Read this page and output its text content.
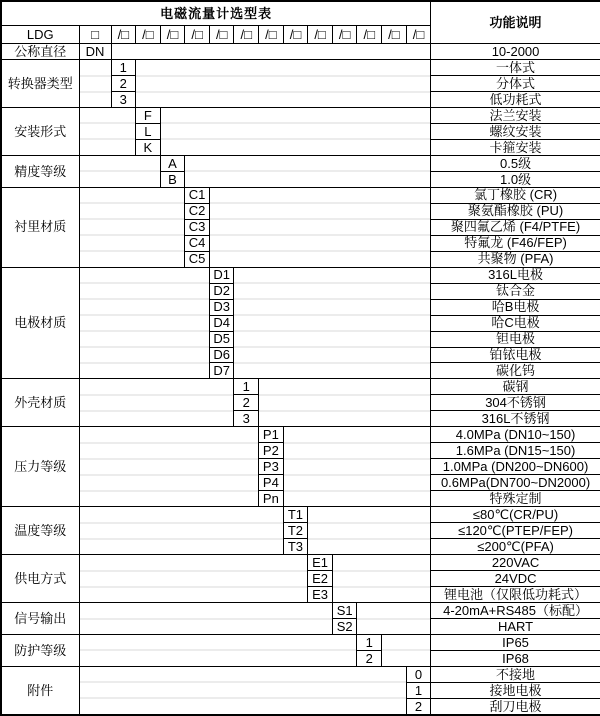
电磁流量计选型表															功能说明
LDG	□	/□	/□	/□	/□	/□	/□	/□	/□	/□	/□	/□	/□	/□	
公称直径	DN														10-2000
转换器类型		1													一体式
		2													分体式
		3													低功耗式
安装形式			F												法兰安装
			L												螺纹安装
			K												卡箍安装
精度等级				A											0.5级
				B											1.0级
衬里材质					C1										氯丁橡胶 (CR)
					C2										聚氨酯橡胶 (PU)
					C3										聚四氟乙烯 (F4/PTFE)
					C4										特氟龙 (F46/FEP)
					C5										共聚物 (PFA)
电极材质						D1									316L电极
						D2									钛合金
						D3									哈B电极
						D4									哈C电极
						D5									钽电极
						D6									铂铱电极
						D7									碳化钨
外壳材质							1								碳钢
							2								304不锈钢
							3								316L不锈钢
压力等级								P1							4.0MPa (DN10~150)
								P2							1.6MPa (DN15~150)
								P3							1.0MPa (DN200~DN600)
								P4							0.6MPa(DN700~DN2000)
								Pn							特殊定制
温度等级									T1						≤80℃(CR/PU)
									T2						≤120℃(PTEP/FEP)
									T3						≤200℃(PFA)
供电方式										E1					220VAC
										E2					24VDC
										E3					锂电池（仅限低功耗式）
信号输出											S1				4-20mA+RS485（标配）
											S2				HART
防护等级												1			IP65
												2			IP68
附件														0	不接地
														1	接地电极
														2	刮刀电极
